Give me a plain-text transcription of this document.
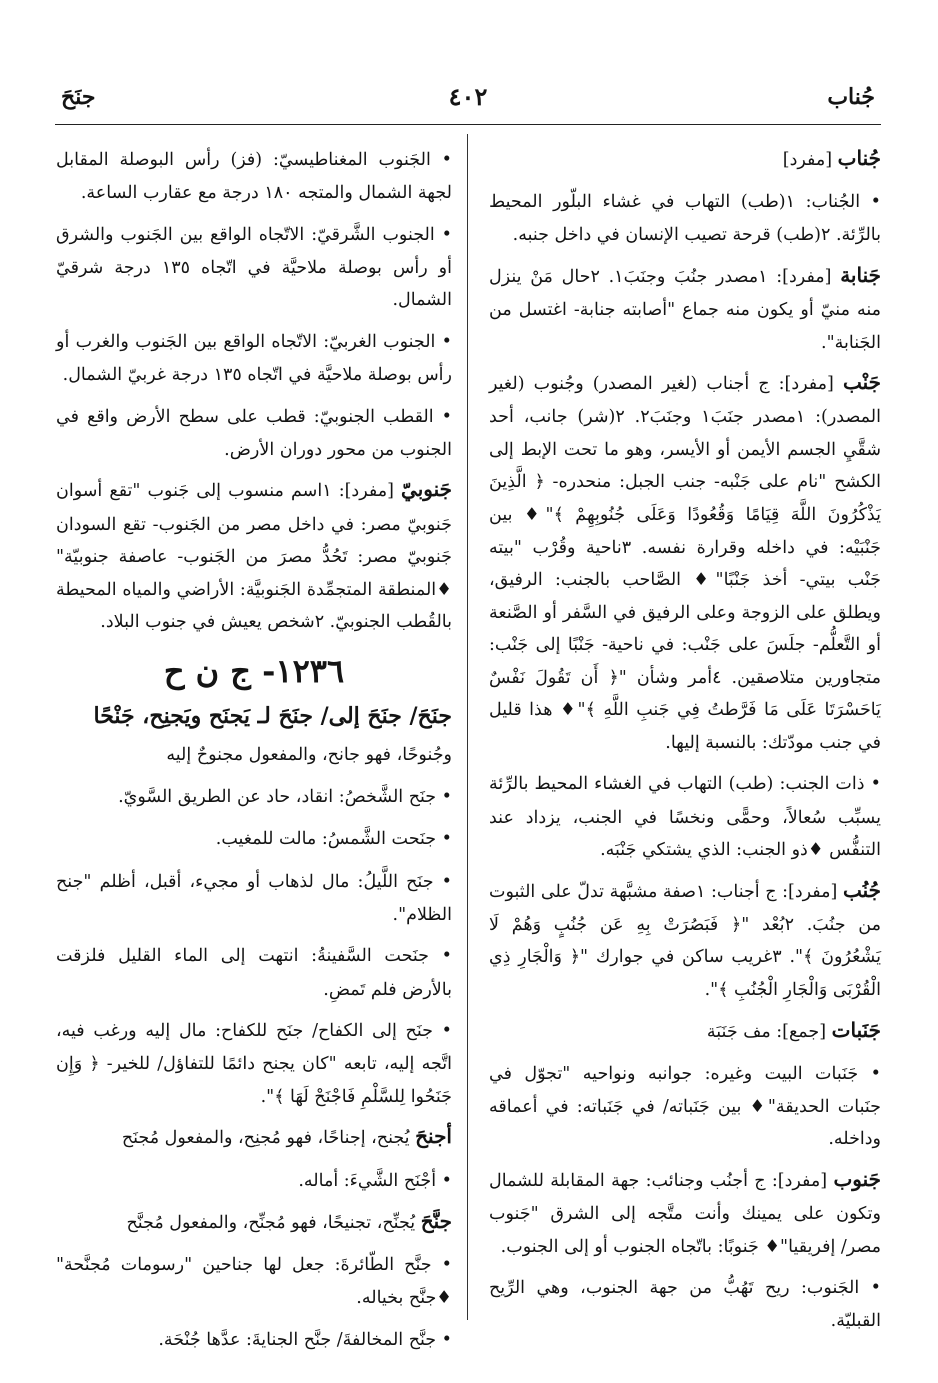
جُناب
٤٠٢
جنَحَ

جُناب [مفرد]

• الجُناب: ١(طب) التهاب في غشاء البلّور المحيط بالرِّئة. ٢(طب) قرحة تصيب الإنسان في داخل جنبه.

جَنابة [مفرد]: ١مصدر جنُبَ وجنَبَ١. ٢حال مَنْ ينزل منه منيّ أو يكون منه جماع "أصابته جنابة- اغتسل من الجَنابة".

جَنْب [مفرد]: ج أجناب (لغير المصدر) وجُنوب (لغير المصدر): ١مصدر جنَبَ١ وجنَبَ٢. ٢(شر) جانب، أحد شقَّيِ الجسم الأيمن أو الأيسر، وهو ما تحت الإبط إلى الكشح "نام على جَنْبه- جنب الجبل: منحدره- ﴿ الَّذِينَ يَذْكُرُونَ اللَّهَ قِيَامًا وَقُعُودًا وَعَلَى جُنُوبِهِمْ ﴾"♦ بين جَنْبَيْه: في داخله وقرارة نفسه. ٣ناحية وقُرْب "بيته جَنْب بيتي- أخذ جَنْبًا"♦ الصَّاحب بالجنب: الرفيق، ويطلق على الزوجة وعلى الرفيق في السَّفر أو الصَّنعة أو التَّعلُّم- جلَسَ على جَنْب: في ناحية- جَنْبًا إلى جَنْب: متجاورين متلاصقين. ٤أمر وشأن "﴿ أَن تَقُولَ نَفْسٌ يَاحَسْرَتَا عَلَى مَا فَرَّطتُ فِي جَنبِ اللَّهِ ﴾"♦ هذا قليل في جنب مودّتك: بالنسبة إليها.

• ذات الجنب: (طب) التهاب في الغشاء المحيط بالرِّئة يسبِّب سُعالاً، وحمًّى ونخسًا في الجنب، يزداد عند التنفُّس ♦ذو الجنب: الذي يشتكي جَنْبَه.

جُنُب [مفرد]: ج أجناب: ١صفة مشبَّهة تدلّ على الثبوت من جنُبَ. ٢بُعْد "﴿ فَبَصُرَتْ بِهِ عَن جُنُبٍ وَهُمْ لَا يَشْعُرُونَ ﴾". ٣غريب ساكن في جوارك "﴿ وَالْجَارِ ذِي الْقُرْبَى وَالْجَارِ الْجُنُبِ ﴾".

جَنَبات [جمع]: مف جَنَبَة

• جَنَبات البيت وغيره: جوانبه ونواحيه "تجوّل في جنَبات الحديقة"♦ بين جَنَباته/ في جَنَباته: في أعماقه وداخله.

جَنوب [مفرد]: ج أجنُب وجنائب: جهة المقابلة للشمال وتكون على يمينك وأنت متَّجه إلى الشرق "جَنوب مصر/ إفريقيا"♦ جَنوبًا: باتّجاه الجنوب أو إلى الجنوب.

• الجَنوب: ريح تَهُبُّ من جهة الجنوب، وهي الرِّيح القبليّة.

• الجَنوب المغناطيسيّ: (فز) رأس البوصلة المقابل لجهة الشمال والمتجه ١٨٠ درجة مع عقارب الساعة.

• الجنوب الشَّرقيّ: الاتّجاه الواقع بين الجَنوب والشرق أو رأس بوصلة ملاحيَّة في اتّجاه ١٣٥ درجة شرقيّ الشمال.

• الجنوب الغربيّ: الاتّجاه الواقع بين الجَنوب والغرب أو رأس بوصلة ملاحيَّة في اتّجاه ١٣٥ درجة غربيّ الشمال.

• القطب الجنوبيّ: قطب على سطح الأرض واقع في الجنوب من محور دوران الأرض.

جَنوبيّ [مفرد]: ١اسم منسوب إلى جَنوب "تقع أسوان جَنوبيّ مصر: في داخل مصر من الجَنوب- تقع السودان جَنوبيّ مصر: تَحُدُّ مصرَ من الجَنوب- عاصفة جنوبيّة" ♦المنطقة المتجمِّدة الجَنوبيَّة: الأراضي والمياه المحيطة بالقُطب الجنوبيّ. ٢شخص يعيش في جنوب البلاد.

١٢٣٦- ج ن ح
جنَحَ/ جنَحَ إلى/ جنَحَ لـ يَجنَح ويَجنِح، جَنْحًا

وجُنوحًا، فهو جانح، والمفعول مجنوحٌ إليه

• جنَح الشَّخصُ: انقاد، حاد عن الطريق السَّويّ.

• جنَحت الشَّمسُ: مالت للمغيب.

• جنَح اللَّيلُ: مال لذهاب أو مجيء، أقبل، أظلم "جنح الظلام".

• جنَحت السَّفينةُ: انتهت إلى الماء القليل فلزقت بالأرض فلم تَمضِ.

• جنَح إلى الكفاح/ جنَح للكفاح: مال إليه ورغب فيه، اتَّجه إليه، تابعه "كان يجنح دائمًا للتفاؤل/ للخير- ﴿ وَإِن جَنَحُوا لِلسَّلْمِ فَاجْنَحْ لَهَا ﴾".

أجنحَ يُجنح، إجناحًا، فهو مُجنِح، والمفعول مُجنَح

• أجْنَح الشَّيءَ: أماله.

جنَّحَ يُجنِّح، تجنيحًا، فهو مُجنِّح، والمفعول مُجنَّح

• جنَّح الطّائرةَ: جعل لها جناحين "رسومات مُجنَّحة" ♦جنَّح بخياله.

• جنَّح المخالفةَ/ جنَّح الجنايةَ: عدَّها جُنْحَة.
